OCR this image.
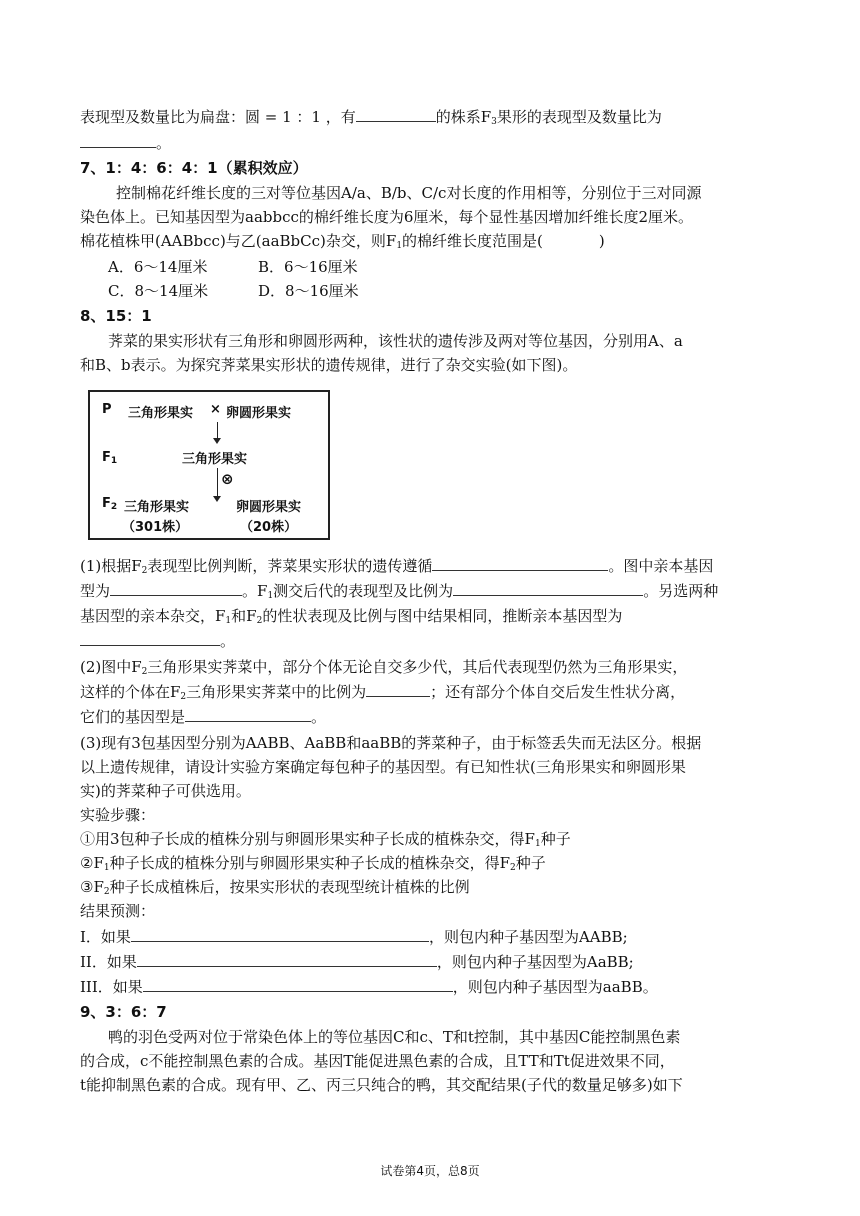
表现型及数量比为扁盘：圆 = 1 ：1 ，有	的株系$F_3$果形的表现型及数量比为
。
7、1：4：6：4：1（累积效应）
控制棉花纤维长度的三对等位基因A/a、B/b、C/c对长度的作用相等，分别位于三对同源
染色体上。已知基因型为aabbcc的棉纤维长度为6厘米，每个显性基因增加纤维长度2厘米。
棉花植株甲(AABbcc)与乙(aaBbCc)杂交，则$F_1$的棉纤维长度范围是(	)
A．6～14厘米	B．6～16厘米
C．8～14厘米	D．8～16厘米
8、15：1
荠菜的果实形状有三角形和卵圆形两种，该性状的遗传涉及两对等位基因，分别用A、a
和B、b表示。为探究荠菜果实形状的遗传规律，进行了杂交实验(如下图)。
P 三角形果实 × 卵圆形果实
$F_1$	三角形果实
⊗
$F_2$ 三角形果实
（301株）
卵圆形果实
（20株）
(1)根据$F_2$表现型比例判断，荠菜果实形状的遗传遵循	。图中亲本基因
型为	。$F_1$测交后代的表现型及比例为	。另选两种
基因型的亲本杂交，$F_1$和$F_2$的性状表现及比例与图中结果相同，推断亲本基因型为
。
(2)图中$F_2$三角形果实荠菜中，部分个体无论自交多少代，其后代表现型仍然为三角形果实，
这样的个体在$F_2$三角形果实荠菜中的比例为	；还有部分个体自交后发生性状分离，
它们的基因型是	。
(3)现有3包基因型分别为AABB、AaBB和aaBB的荠菜种子，由于标签丢失而无法区分。根据
以上遗传规律，请设计实验方案确定每包种子的基因型。有已知性状(三角形果实和卵圆形果
实)的荠菜种子可供选用。
实验步骤：
①用3包种子长成的植株分别与卵圆形果实种子长成的植株杂交，得$F_1$种子
$②F_1$种子长成的植株分别与卵圆形果实种子长成的植株杂交，得$F_2$种子
$③F_2$种子长成植株后，按果实形状的表现型统计植株的比例
结果预测：
I．如果	，则包内种子基因型为AABB;
II．如果	，则包内种子基因型为AaBB;
III．如果	，则包内种子基因型为aaBB。
9、3：6：7
鸭的羽色受两对位于常染色体上的等位基因C和c、T和t控制，其中基因C能控制黑色素
的合成，c不能控制黑色素的合成。基因T能促进黑色素的合成，且TT和Tt促进效果不同，
t能抑制黑色素的合成。现有甲、乙、丙三只纯合的鸭，其交配结果(子代的数量足够多)如下
试卷第4页，总8页
